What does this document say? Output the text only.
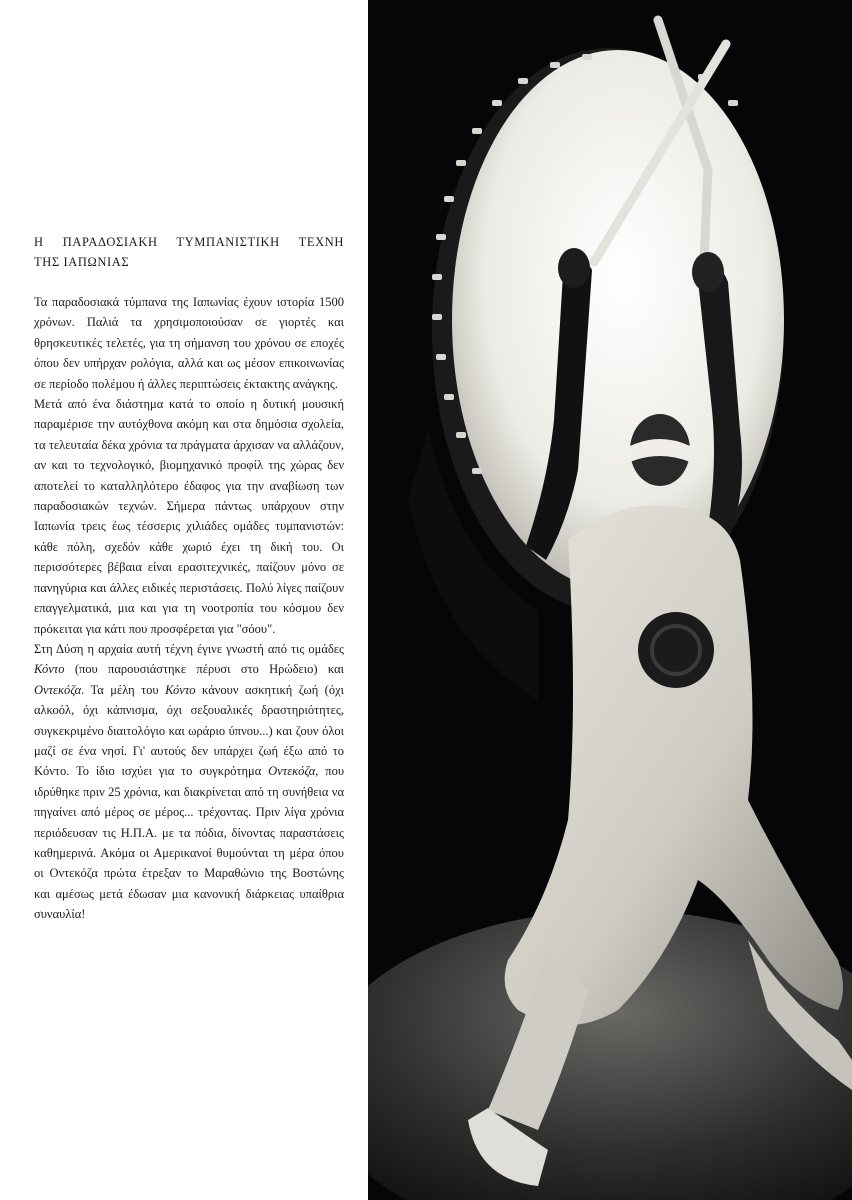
Η ΠΑΡΑΔΟΣΙΑΚΗ ΤΥΜΠΑΝΙΣΤΙΚΗ ΤΕΧΝΗ
ΤΗΣ ΙΑΠΩΝΙΑΣ

Τα παραδοσιακά τύμπανα της Ιαπωνίας έχουν ιστορία 1500 χρόνων. Παλιά τα χρησιμοποιούσαν σε γιορτές και θρησκευτικές τελετές, για τη σήμανση του χρόνου σε εποχές όπου δεν υπήρχαν ρολόγια, αλλά και ως μέσον επικοινωνίας σε περίοδο πολέμου ή άλλες περιπτώσεις έκτακτης ανάγκης.

Μετά από ένα διάστημα κατά το οποίο η δυτική μουσική παραμέρισε την αυτόχθονα ακόμη και στα δημόσια σχολεία, τα τελευταία δέκα χρόνια τα πράγματα άρχισαν να αλλάζουν, αν και το τεχνολογικό, βιομηχανικό προφίλ της χώρας δεν αποτελεί το καταλληλότερο έδαφος για την αναβίωση των παραδοσιακών τεχνών. Σήμερα πάντως υπάρχουν στην Ιαπωνία τρεις έως τέσσερις χιλιάδες ομάδες τυμπανιστών: κάθε πόλη, σχεδόν κάθε χωριό έχει τη δική του. Οι περισσότερες βέβαια είναι ερασιτεχνικές, παίζουν μόνο σε πανηγύρια και άλλες ειδικές περιστάσεις. Πολύ λίγες παίζουν επαγγελματικά, μια και για τη νοοτροπία του κόσμου δεν πρόκειται για κάτι που προσφέρεται για "σόου".

Στη Δύση η αρχαία αυτή τέχνη έγινε γνωστή από τις ομάδες Κόντο (που παρουσιάστηκε πέρυσι στο Ηρώδειο) και Οντεκόζα. Τα μέλη του Κόντο κάνουν ασκητική ζωή (όχι αλκοόλ, όχι κάπνισμα, όχι σεξουαλικές δραστηριότητες, συγκεκριμένο διαιτολόγιο και ωράριο ύπνου...) και ζουν όλοι μαζί σε ένα νησί. Γι' αυτούς δεν υπάρχει ζωή έξω από το Κόντο. Το ίδιο ισχύει για το συγκρότημα Οντεκόζα, που ιδρύθηκε πριν 25 χρόνια, και διακρίνεται από τη συνήθεια να πηγαίνει από μέρος σε μέρος... τρέχοντας. Πριν λίγα χρόνια περιόδευσαν τις Η.Π.Α. με τα πόδια, δίνοντας παραστάσεις καθημερινά. Ακόμα οι Αμερικανοί θυμούνται τη μέρα όπου οι Οντεκόζα πρώτα έτρεξαν το Μαραθώνιο της Βοστώνης και αμέσως μετά έδωσαν μια κανονική διάρκειας υπαίθρια συναυλία!
